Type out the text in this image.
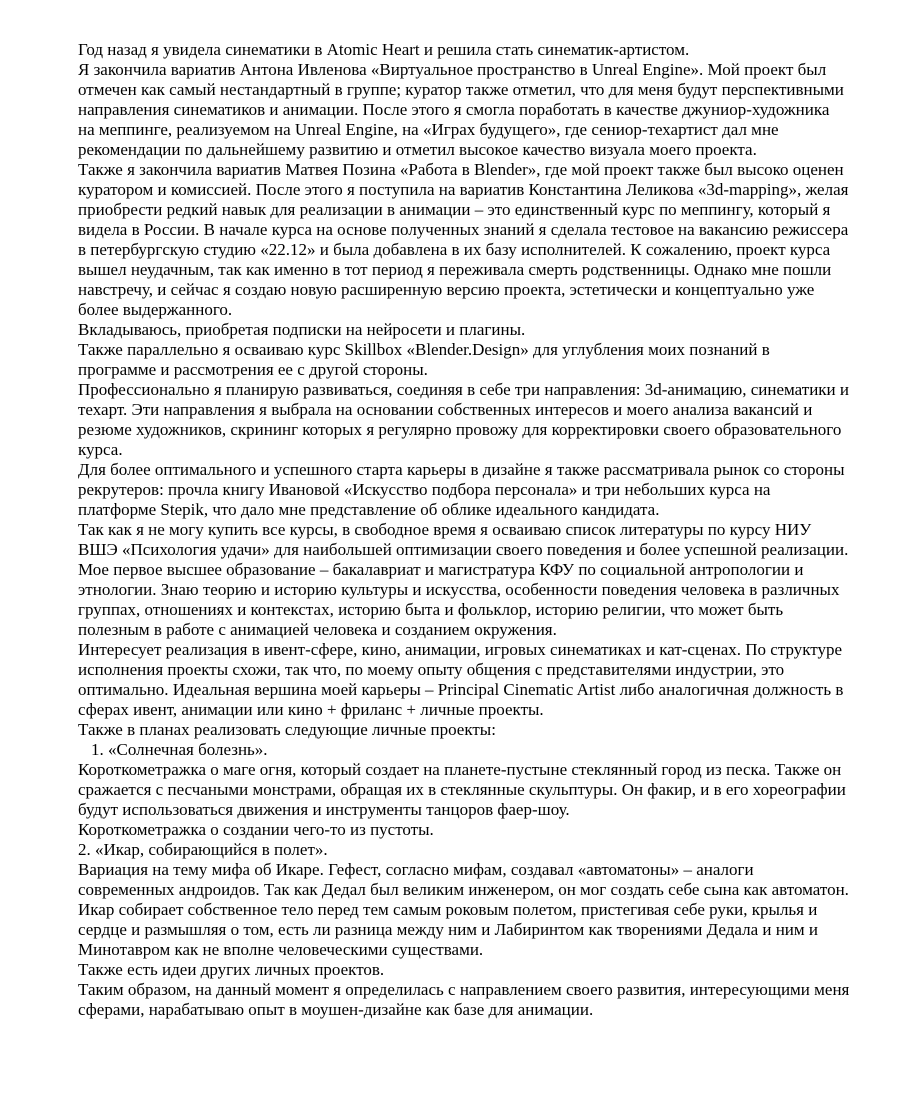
Год назад я увидела синематики в Atomic Heart и решила стать синематик-артистом.

Я закончила вариатив Антона Ивленова «Виртуальное пространство в Unreal Engine». Мой проект был отмечен как самый нестандартный в группе; куратор также отметил, что для меня будут перспективными направления синематиков и анимации. После этого я смогла поработать в качестве джуниор-художника на меппинге, реализуемом на Unreal Engine, на «Играх будущего», где сениор-техартист дал мне рекомендации по дальнейшему развитию и отметил высокое качество визуала моего проекта.

Также я закончила вариатив Матвея Позина «Работа в Blender», где мой проект также был высоко оценен куратором и комиссией. После этого я поступила на вариатив Константина Леликова «3d-mapping», желая приобрести редкий навык для реализации в анимации – это единственный курс по меппингу, который я видела в России. В начале курса на основе полученных знаний я сделала тестовое на вакансию режиссера в петербургскую студию «22.12» и была добавлена в их базу исполнителей. К сожалению, проект курса вышел неудачным, так как именно в тот период я переживала смерть родственницы. Однако мне пошли навстречу, и сейчас я создаю новую расширенную версию проекта, эстетически и концептуально уже более выдержанного.

Вкладываюсь, приобретая подписки на нейросети и плагины.

Также параллельно я осваиваю курс Skillbox «Blender.Design» для углубления моих познаний в программе и рассмотрения ее с другой стороны.

Профессионально я планирую развиваться, соединяя в себе три направления: 3d-анимацию, синематики и техарт. Эти направления я выбрала на основании собственных интересов и моего анализа вакансий и резюме художников, скрининг которых я регулярно провожу для корректировки своего образовательного курса.

Для более оптимального и успешного старта карьеры в дизайне я также рассматривала рынок со стороны рекрутеров: прочла книгу Ивановой «Искусство подбора персонала» и три небольших курса на платформе Stepik, что дало мне представление об облике идеального кандидата.

Так как я не могу купить все курсы, в свободное время я осваиваю список литературы по курсу НИУ ВШЭ «Психология удачи» для наибольшей оптимизации своего поведения и более успешной реализации.

Мое первое высшее образование – бакалавриат и магистратура КФУ по социальной антропологии и этнологии. Знаю теорию и историю культуры и искусства, особенности поведения человека в различных группах, отношениях и контекстах, историю быта и фольклор, историю религии, что может быть полезным в работе с анимацией человека и созданием окружения.

Интересует реализация в ивент-сфере, кино, анимации, игровых синематиках и кат-сценах. По структуре исполнения проекты схожи, так что, по моему опыту общения с представителями индустрии, это оптимально. Идеальная вершина моей карьеры – Principal Cinematic Artist либо аналогичная должность в сферах ивент, анимации или кино + фриланс + личные проекты.

Также в планах реализовать следующие личные проекты:

1. «Солнечная болезнь».

Короткометражка о маге огня, который создает на планете-пустыне стеклянный город из песка. Также он сражается с песчаными монстрами, обращая их в стеклянные скульптуры. Он факир, и в его хореографии будут использоваться движения и инструменты танцоров фаер-шоу.

Короткометражка о создании чего-то из пустоты.

2. «Икар, собирающийся в полет».

Вариация на тему мифа об Икаре. Гефест, согласно мифам, создавал «автоматоны» – аналоги современных андроидов. Так как Дедал был великим инженером, он мог создать себе сына как автоматон. Икар собирает собственное тело перед тем самым роковым полетом, пристегивая себе руки, крылья и сердце и размышляя о том, есть ли разница между ним и Лабиринтом как творениями Дедала и ним и Минотавром как не вполне человеческими существами.

Также есть идеи других личных проектов.

Таким образом, на данный момент я определилась с направлением своего развития, интересующими меня сферами, нарабатываю опыт в моушен-дизайне как базе для анимации.
